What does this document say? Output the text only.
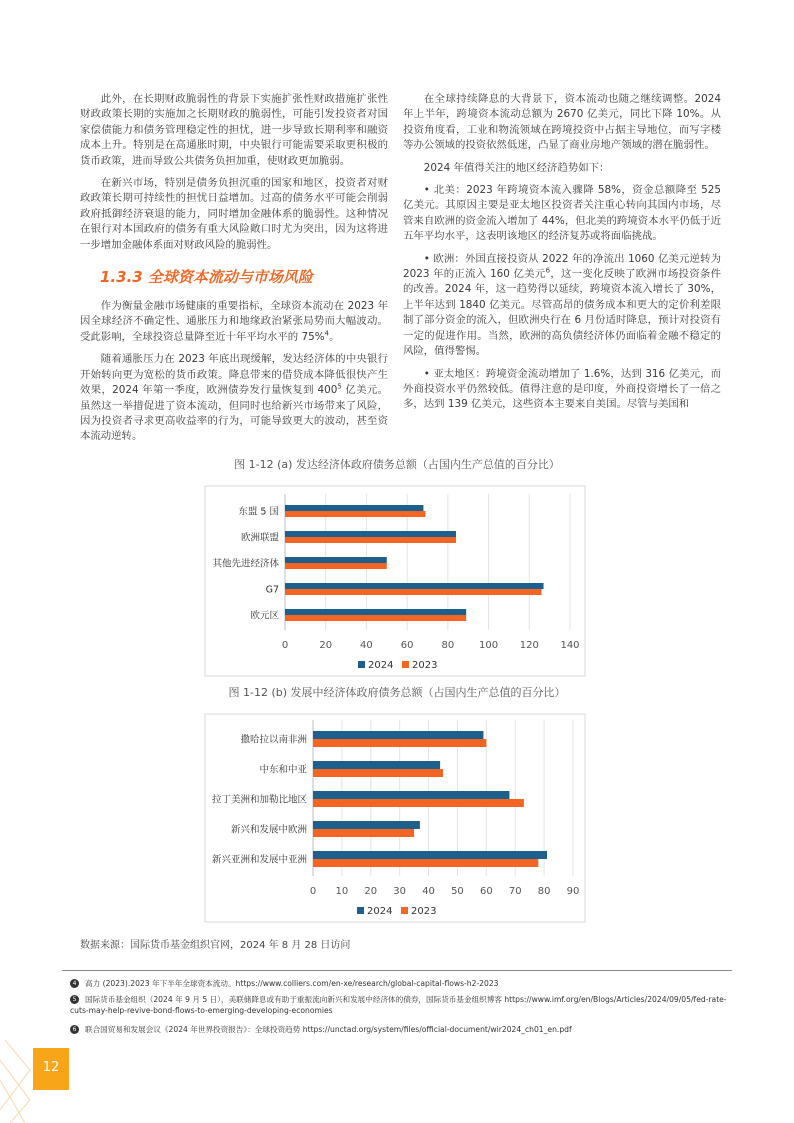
此外，在长期财政脆弱性的背景下实施扩张性财政措施扩张性财政政策长期的实施加之长期财政的脆弱性，可能引发投资者对国家偿债能力和债务管理稳定性的担忧，进一步导致长期利率和融资成本上升。特别是在高通胀时期，中央银行可能需要采取更积极的货币政策，进而导致公共债务负担加重，使财政更加脆弱。

在新兴市场，特别是债务负担沉重的国家和地区，投资者对财政政策长期可持续性的担忧日益增加。过高的债务水平可能会削弱政府抵御经济衰退的能力，同时增加金融体系的脆弱性。这种情况在银行对本国政府的债务有重大风险敞口时尤为突出，因为这将进一步增加金融体系面对财政风险的脆弱性。

1.3.3 全球资本流动与市场风险

作为衡量金融市场健康的重要指标，全球资本流动在 2023 年因全球经济不确定性、通胀压力和地缘政治紧张局势而大幅波动。受此影响，全球投资总量降至近十年平均水平的 75%$^4$。

随着通胀压力在 2023 年底出现缓解，发达经济体的中央银行开始转向更为宽松的货币政策。降息带来的借贷成本降低很快产生效果，2024 年第一季度，欧洲债券发行量恢复到 $400^5$ 亿美元。虽然这一举措促进了资本流动，但同时也给新兴市场带来了风险，因为投资者寻求更高收益率的行为，可能导致更大的波动，甚至资本流动逆转。

在全球持续降息的大背景下，资本流动也随之继续调整。2024 年上半年，跨境资本流动总额为 2670 亿美元，同比下降 10%。从投资角度看，工业和物流领域在跨境投资中占据主导地位，而写字楼等办公领域的投资依然低迷，凸显了商业房地产领域的潜在脆弱性。

2024 年值得关注的地区经济趋势如下：

• 北美：2023 年跨境资本流入骤降 58%，资金总额降至 525 亿美元。其原因主要是亚太地区投资者关注重心转向其国内市场，尽管来自欧洲的资金流入增加了 44%，但北美的跨境资本水平仍低于近五年平均水平，这表明该地区的经济复苏或将面临挑战。

• 欧洲：外国直接投资从 2022 年的净流出 1060 亿美元逆转为 2023 年的正流入 160 亿美元$^6$，这一变化反映了欧洲市场投资条件的改善。2024 年，这一趋势得以延续，跨境资本流入增长了 30%，上半年达到 1840 亿美元。尽管高昂的债务成本和更大的定价利差限制了部分资金的流入，但欧洲央行在 6 月份适时降息，预计对投资有一定的促进作用。当然，欧洲的高负债经济体仍面临着金融不稳定的风险，值得警惕。

• 亚太地区：跨境资金流动增加了 1.6%，达到 316 亿美元，而外商投资水平仍然较低。值得注意的是印度，外商投资增长了一倍之多，达到 139 亿美元，这些资本主要来自美国。尽管与美国和

图 1-12 (a) 发达经济体政府债务总额（占国内生产总值的百分比）
0	20	40	60	80 100 120 140
东盟 5 国
欧洲联盟
其他先进经济体
G7
欧元区
2024 2023
图 1-12 (b) 发展中经济体政府债务总额（占国内生产总值的百分比）
0 10 20 30 40 50 60 70 80 90
撒哈拉以南非洲
中东和中亚
拉丁美洲和加勒比地区
新兴和发展中欧洲
新兴亚洲和发展中亚洲
2024 2023
数据来源：国际货币基金组织官网，2024 年 8 月 28 日访问
4 高力 (2023).2023 年下半年全球资本流动。https://www.colliers.com/en-xe/research/global-capital-flows-h2-2023
5 国际货币基金组织（2024 年 9 月 5 日），美联储降息或有助于重振流向新兴和发展中经济体的债券，国际货币基金组织博客 https://www.imf.org/en/Blogs/Articles/2024/09/05/fed-rate-cuts-may-help-revive-bond-flows-to-emerging-developing-economies
6 联合国贸易和发展会议《2024 年世界投资报告》：全球投资趋势 https://unctad.org/system/files/official-document/wir2024_ch01_en.pdf
12
